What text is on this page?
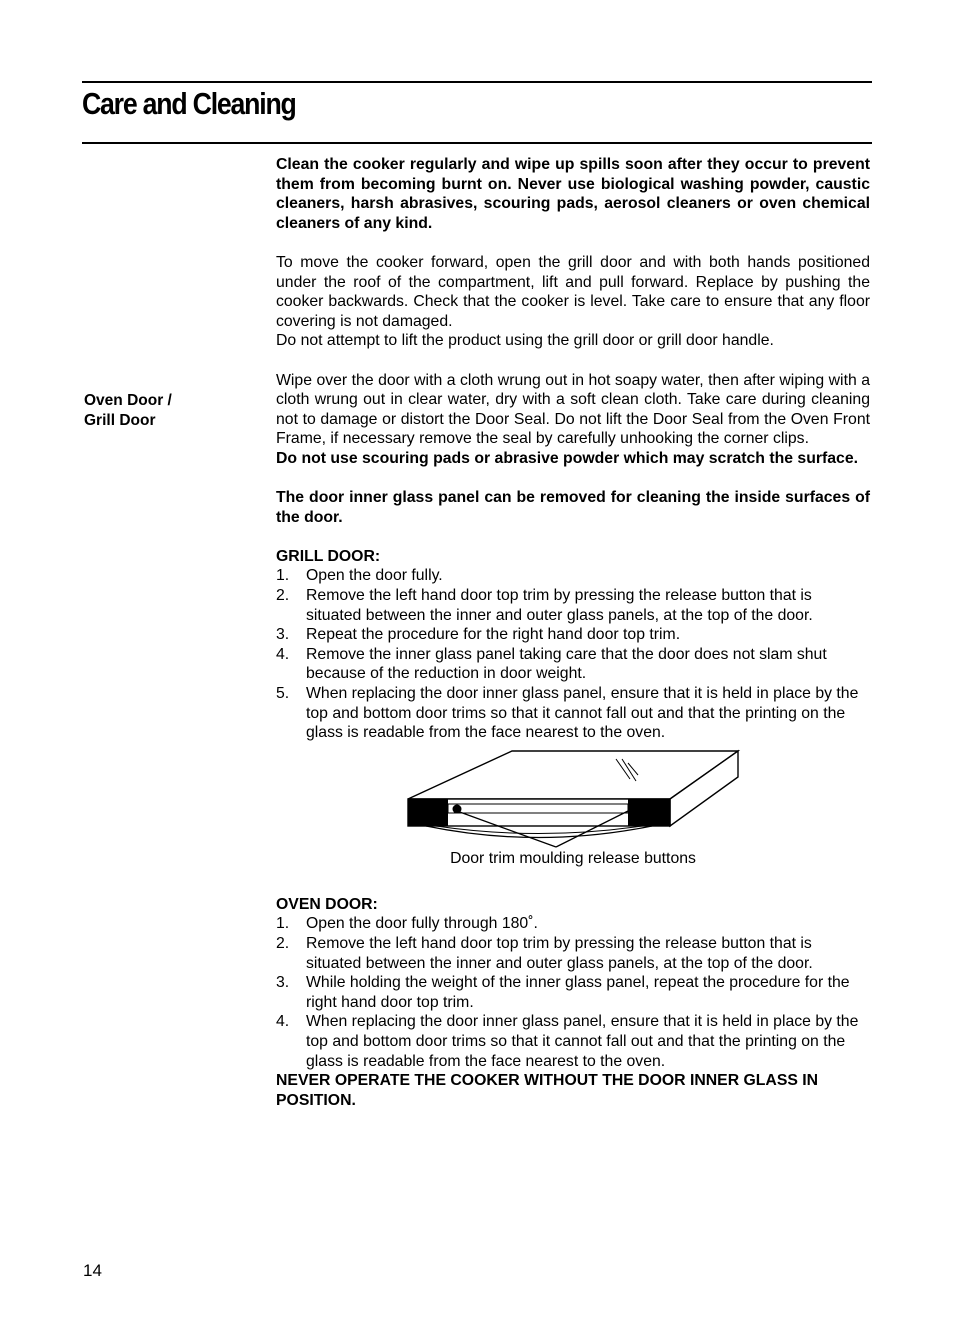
Care and Cleaning
Oven Door /
Grill Door

Clean the cooker regularly and wipe up spills soon after they occur to prevent them from becoming burnt on. Never use biological washing powder, caustic cleaners, harsh abrasives, scouring pads, aerosol cleaners or oven chemical cleaners of any kind.

To move the cooker forward, open the grill door and with both hands positioned under the roof of the compartment, lift and pull forward. Replace by pushing the cooker backwards. Check that the cooker is level. Take care to ensure that any floor covering is not damaged.

Do not attempt to lift the product using the grill door or grill door handle.

Wipe over the door with a cloth wrung out in hot soapy water, then after wiping with a cloth wrung out in clear water, dry with a soft clean cloth. Take care during cleaning not to damage or distort the Door Seal. Do not lift the Door Seal from the Oven Front Frame, if necessary remove the seal by carefully unhooking the corner clips.

Do not use scouring pads or abrasive powder which may scratch the surface.

The door inner glass panel can be removed for cleaning the inside surfaces of the door.

GRILL DOOR:
1. Open the door fully.
2. Remove the left hand door top trim by pressing the release button that is situated between the inner and outer glass panels, at the top of the door.
3. Repeat the procedure for the right hand door top trim.
4. Remove the inner glass panel taking care that the door does not slam shut because of the reduction in door weight.
5. When replacing the door inner glass panel, ensure that it is held in place by the top and bottom door trims so that it cannot fall out and that the printing on the glass is readable from the face nearest to the oven.
Door trim moulding release buttons
OVEN DOOR:
1. Open the door fully through 180˚.
2. Remove the left hand door top trim by pressing the release button that is situated between the inner and outer glass panels, at the top of the door.
3. While holding the weight of the inner glass panel, repeat the procedure for the right hand door top trim.
4. When replacing the door inner glass panel, ensure that it is held in place by the top and bottom door trims so that it cannot fall out and that the printing on the glass is readable from the face nearest to the oven.

NEVER OPERATE THE COOKER WITHOUT THE DOOR INNER GLASS IN POSITION.

14
